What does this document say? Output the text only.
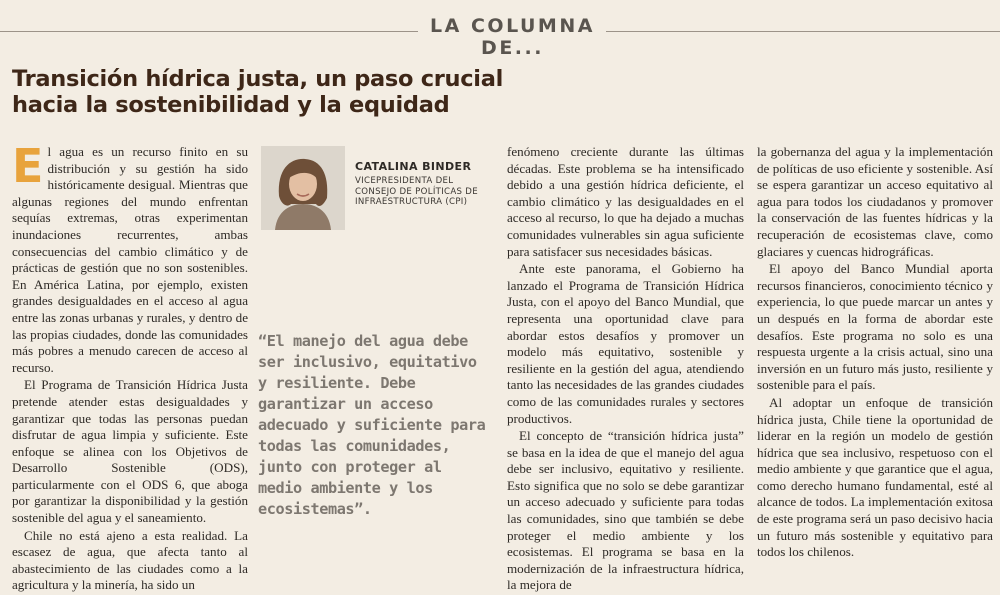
LA COLUMNA DE...
Transición hídrica justa, un paso crucial hacia la sostenibilidad y la equidad

El agua es un recurso finito en su distribución y su gestión ha sido históricamente desigual. Mientras que algunas regiones del mundo enfrentan sequías extremas, otras experimentan inundaciones recurrentes, ambas consecuencias del cambio climático y de prácticas de gestión que no son sostenibles. En América Latina, por ejemplo, existen grandes desigualdades en el acceso al agua entre las zonas urbanas y rurales, y dentro de las propias ciudades, donde las comunidades más pobres a menudo carecen de acceso al recurso.

El Programa de Transición Hídrica Justa pretende atender estas desigualdades y garantizar que todas las personas puedan disfrutar de agua limpia y suficiente. Este enfoque se alinea con los Objetivos de Desarrollo Sostenible (ODS), particularmente con el ODS 6, que aboga por garantizar la disponibilidad y la gestión sostenible del agua y el saneamiento.

Chile no está ajeno a esta realidad. La escasez de agua, que afecta tanto al abastecimiento de las ciudades como a la agricultura y la minería, ha sido un

CATALINA BINDER
VICEPRESIDENTA DEL CONSEJO DE POLÍTICAS DE INFRAESTRUCTURA (CPI)
“El manejo del agua debe ser inclusivo, equitativo y resiliente. Debe garantizar un acceso adecuado y suficiente para todas las comunidades, junto con proteger al medio ambiente y los ecosistemas”.

fenómeno creciente durante las últimas décadas. Este problema se ha intensificado debido a una gestión hídrica deficiente, el cambio climático y las desigualdades en el acceso al recurso, lo que ha dejado a muchas comunidades vulnerables sin agua suficiente para satisfacer sus necesidades básicas.

Ante este panorama, el Gobierno ha lanzado el Programa de Transición Hídrica Justa, con el apoyo del Banco Mundial, que representa una oportunidad clave para abordar estos desafíos y promover un modelo más equitativo, sostenible y resiliente en la gestión del agua, atendiendo tanto las necesidades de las grandes ciudades como de las comunidades rurales y sectores productivos.

El concepto de “transición hídrica justa” se basa en la idea de que el manejo del agua debe ser inclusivo, equitativo y resiliente. Esto significa que no solo se debe garantizar un acceso adecuado y suficiente para todas las comunidades, sino que también se debe proteger el medio ambiente y los ecosistemas. El programa se basa en la modernización de la infraestructura hídrica, la mejora de

la gobernanza del agua y la implementación de políticas de uso eficiente y sostenible. Así se espera garantizar un acceso equitativo al agua para todos los ciudadanos y promover la conservación de las fuentes hídricas y la recuperación de ecosistemas clave, como glaciares y cuencas hidrográficas.

El apoyo del Banco Mundial aporta recursos financieros, conocimiento técnico y experiencia, lo que puede marcar un antes y un después en la forma de abordar este desafíos. Este programa no solo es una respuesta urgente a la crisis actual, sino una inversión en un futuro más justo, resiliente y sostenible para el país.

Al adoptar un enfoque de transición hídrica justa, Chile tiene la oportunidad de liderar en la región un modelo de gestión hídrica que sea inclusivo, respetuoso con el medio ambiente y que garantice que el agua, como derecho humano fundamental, esté al alcance de todos. La implementación exitosa de este programa será un paso decisivo hacia un futuro más sostenible y equitativo para todos los chilenos.
